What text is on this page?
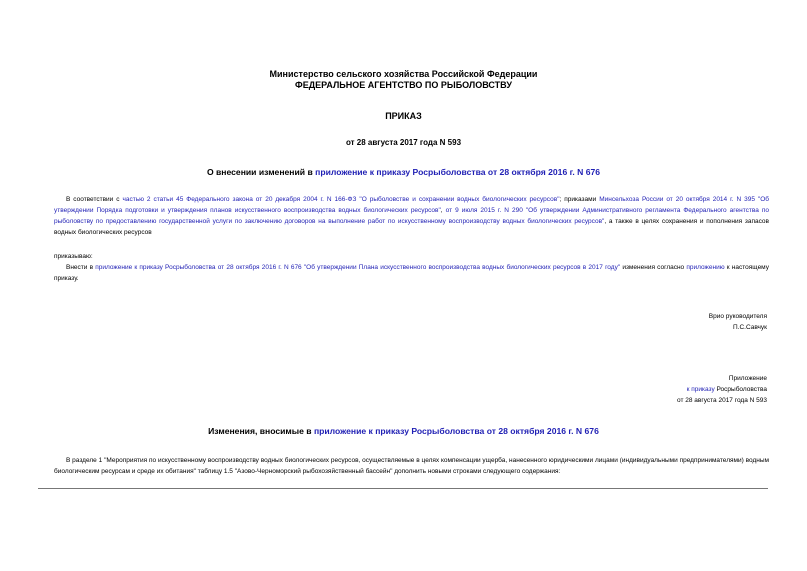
Министерство сельского хозяйства Российской Федерации
ФЕДЕРАЛЬНОЕ АГЕНТСТВО ПО РЫБОЛОВСТВУ
ПРИКАЗ
от 28 августа 2017 года N 593
О внесении изменений в приложение к приказу Росрыболовства от 28 октября 2016 г. N 676
В соответствии с частью 2 статьи 45 Федерального закона от 20 декабря 2004 г. N 166-ФЗ "О рыболовстве и сохранении водных биологических ресурсов"; приказами Минсельхоза России от 20 октября 2014 г. N 395 "Об утверждении Порядка подготовки и утверждения планов искусственного воспроизводства водных биологических ресурсов", от 9 июля 2015 г. N 290 "Об утверждении Административного регламента Федерального агентства по рыболовству по предоставлению государственной услуги по заключению договоров на выполнение работ по искусственному воспроизводству водных биологических ресурсов", а также в целях сохранения и пополнения запасов водных биологических ресурсов
приказываю:
Внести в приложение к приказу Росрыболовства от 28 октября 2016 г. N 676 "Об утверждении Плана искусственного воспроизводства водных биологических ресурсов в 2017 году" изменения согласно приложению к настоящему приказу.
Врио руководителя
П.С.Савчук
Приложение
к приказу Росрыболовства
от 28 августа 2017 года N 593
Изменения, вносимые в приложение к приказу Росрыболовства от 28 октября 2016 г. N 676
В разделе 1 "Мероприятия по искусственному воспроизводству водных биологических ресурсов, осуществляемые в целях компенсации ущерба, нанесенного юридическими лицами (индивидуальными предпринимателями) водным биологическим ресурсам и среде их обитания" таблицу 1.5 "Азово-Черноморский рыбохозяйственный бассейн" дополнить новыми строками следующего содержания:
